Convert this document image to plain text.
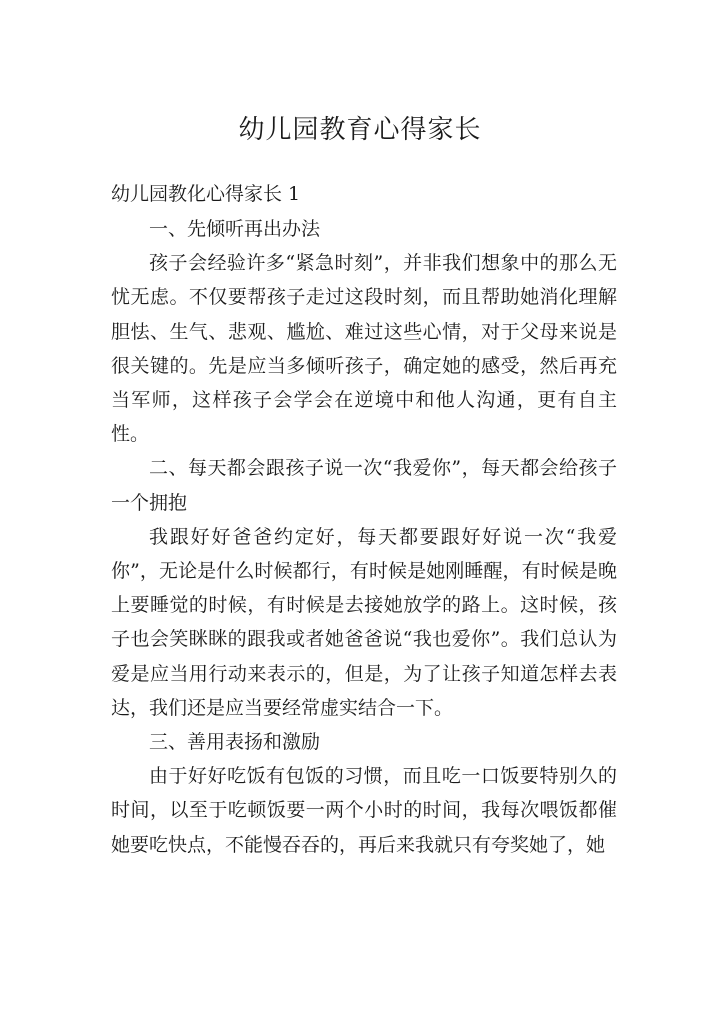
幼儿园教育心得家长
幼儿园教化心得家长 1

一、先倾听再出办法

孩子会经验许多“紧急时刻”，并非我们想象中的那么无忧无虑。不仅要帮孩子走过这段时刻，而且帮助她消化理解胆怯、生气、悲观、尴尬、难过这些心情，对于父母来说是很关键的。先是应当多倾听孩子，确定她的感受，然后再充当军师，这样孩子会学会在逆境中和他人沟通，更有自主性。

二、每天都会跟孩子说一次“我爱你”，每天都会给孩子一个拥抱

我跟好好爸爸约定好，每天都要跟好好说一次“我爱你”，无论是什么时候都行，有时候是她刚睡醒，有时候是晚上要睡觉的时候，有时候是去接她放学的路上。这时候，孩子也会笑眯眯的跟我或者她爸爸说“我也爱你”。我们总认为爱是应当用行动来表示的，但是，为了让孩子知道怎样去表达，我们还是应当要经常虚实结合一下。

三、善用表扬和激励

由于好好吃饭有包饭的习惯，而且吃一口饭要特别久的时间，以至于吃顿饭要一两个小时的时间，我每次喂饭都催她要吃快点，不能慢吞吞的，再后来我就只有夸奖她了，她
